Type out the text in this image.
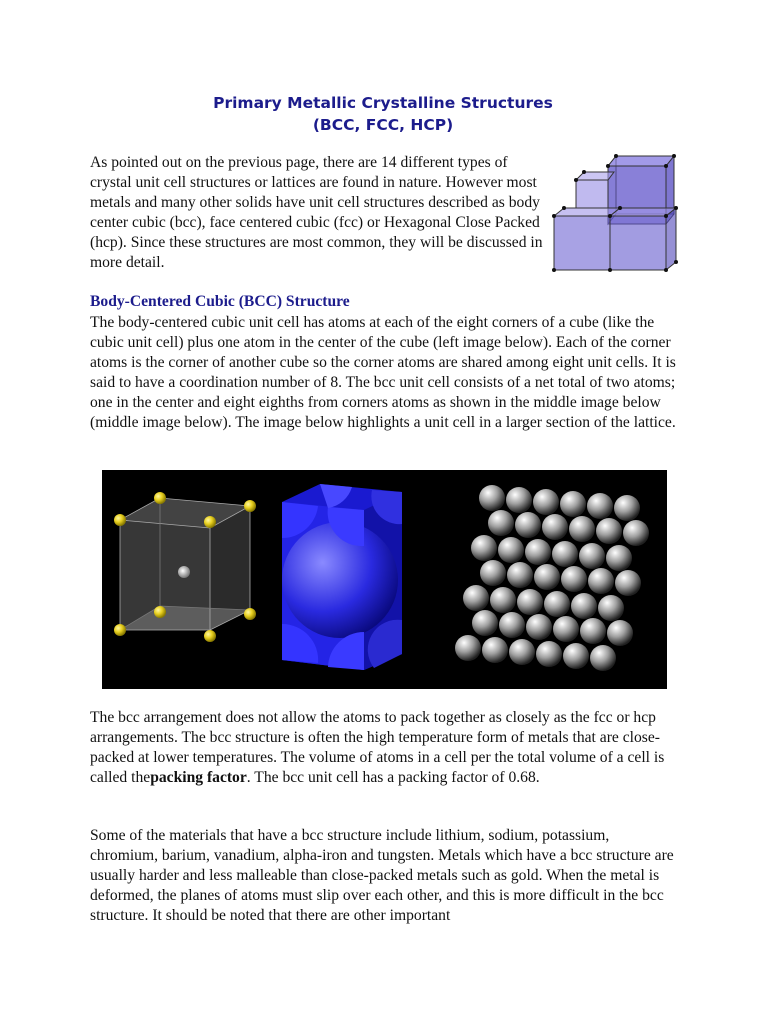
Primary Metallic Crystalline Structures
(BCC, FCC, HCP)

As pointed out on the previous page, there are 14 different types of crystal unit cell structures or lattices are found in nature. However most metals and many other solids have unit cell structures described as body center cubic (bcc), face centered cubic (fcc) or Hexagonal Close Packed (hcp). Since these structures are most common, they will be discussed in more detail.

Body-Centered Cubic (BCC) Structure

The body-centered cubic unit cell has atoms at each of the eight corners of a cube (like the cubic unit cell) plus one atom in the center of the cube (left image below). Each of the corner atoms is the corner of another cube so the corner atoms are shared among eight unit cells. It is said to have a coordination number of 8. The bcc unit cell consists of a net total of two atoms; one in the center and eight eighths from corners atoms as shown in the middle image below (middle image below). The image below highlights a unit cell in a larger section of the lattice.

The bcc arrangement does not allow the atoms to pack together as closely as the fcc or hcp arrangements. The bcc structure is often the high temperature form of metals that are close-packed at lower temperatures. The volume of atoms in a cell per the total volume of a cell is called thepacking factor. The bcc unit cell has a packing factor of 0.68.

Some of the materials that have a bcc structure include lithium, sodium, potassium, chromium, barium, vanadium, alpha-iron and tungsten. Metals which have a bcc structure are usually harder and less malleable than close-packed metals such as gold. When the metal is deformed, the planes of atoms must slip over each other, and this is more difficult in the bcc structure. It should be noted that there are other important
